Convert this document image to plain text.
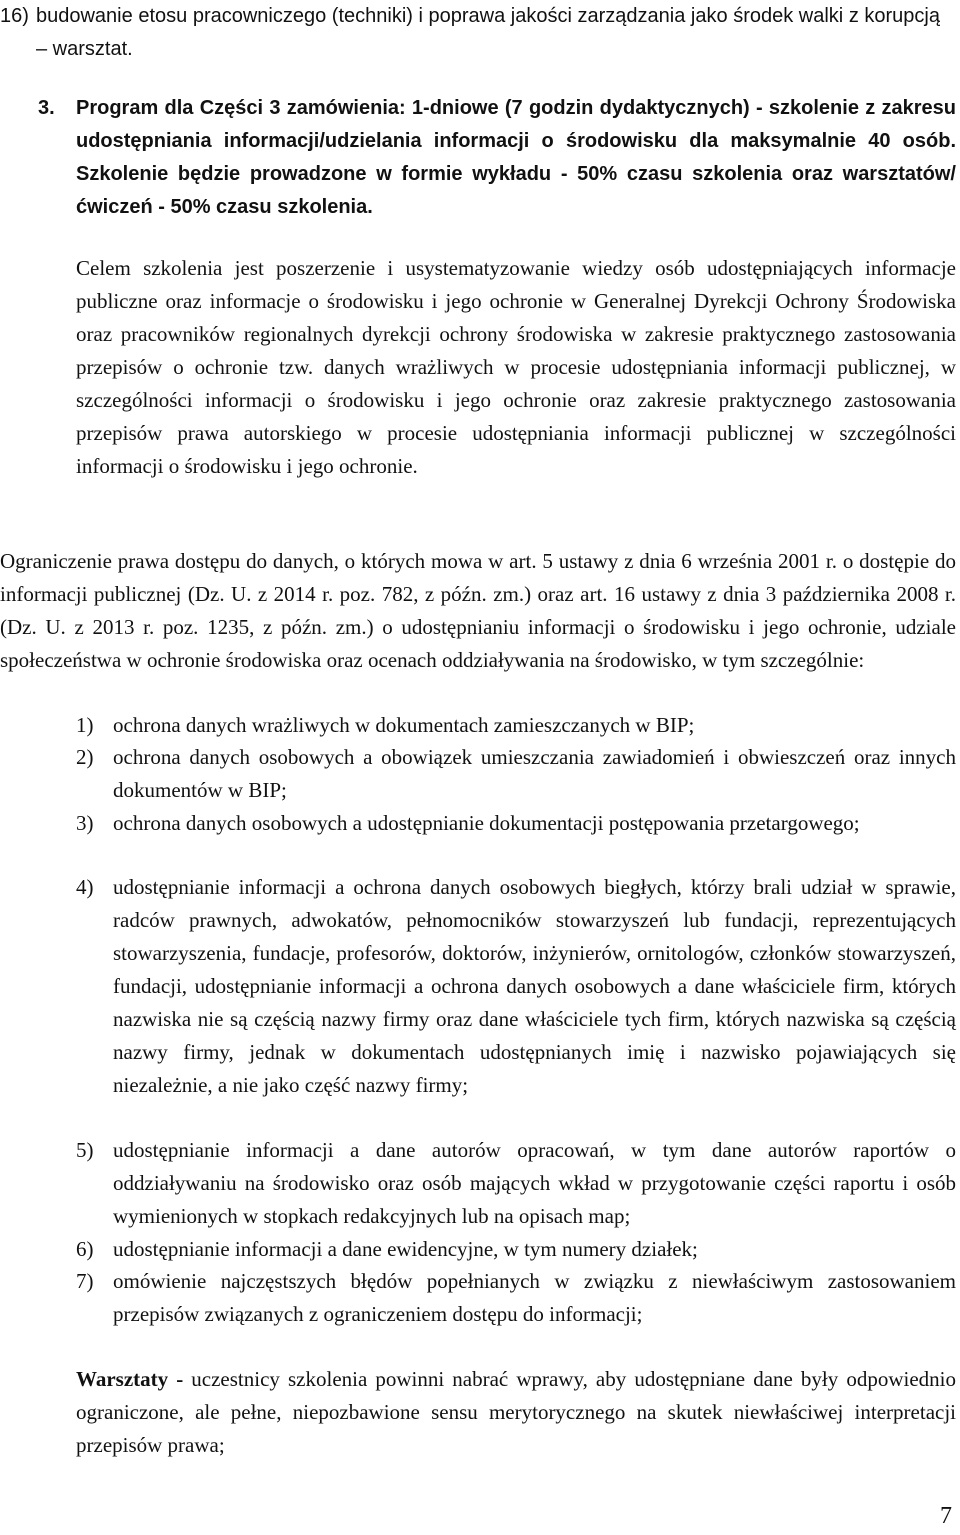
16) budowanie etosu pracowniczego (techniki) i poprawa jakości zarządzania jako środek walki z korupcją – warsztat.
3. Program dla Części 3 zamówienia: 1-dniowe (7 godzin dydaktycznych) - szkolenie z zakresu udostępniania informacji/udzielania informacji o środowisku dla maksymalnie 40 osób. Szkolenie będzie prowadzone w formie wykładu - 50% czasu szkolenia oraz warsztatów/ćwiczeń - 50% czasu szkolenia.
Celem szkolenia jest poszerzenie i usystematyzowanie wiedzy osób udostępniających informacje publiczne oraz informacje o środowisku i jego ochronie w Generalnej Dyrekcji Ochrony Środowiska oraz pracowników regionalnych dyrekcji ochrony środowiska w zakresie praktycznego zastosowania przepisów o ochronie tzw. danych wrażliwych w procesie udostępniania informacji publicznej, w szczególności informacji o środowisku i jego ochronie oraz zakresie praktycznego zastosowania przepisów prawa autorskiego w procesie udostępniania informacji publicznej w szczególności informacji o środowisku i jego ochronie.
Ograniczenie prawa dostępu do danych, o których mowa w art. 5 ustawy z dnia 6 września 2001 r. o dostępie do informacji publicznej (Dz. U. z 2014 r. poz. 782, z późn. zm.) oraz art. 16 ustawy z dnia 3 października 2008 r. (Dz. U. z 2013 r. poz. 1235, z późn. zm.) o udostępnianiu informacji o środowisku i jego ochronie, udziale społeczeństwa w ochronie środowiska oraz ocenach oddziaływania na środowisko, w tym szczególnie:
1) ochrona danych wrażliwych w dokumentach zamieszczanych w BIP;
2) ochrona danych osobowych a obowiązek umieszczania zawiadomień i obwieszczeń oraz innych dokumentów w BIP;
3) ochrona danych osobowych a udostępnianie dokumentacji postępowania przetargowego;
4) udostępnianie informacji a ochrona danych osobowych biegłych, którzy brali udział w sprawie, radców prawnych, adwokatów, pełnomocników stowarzyszeń lub fundacji, reprezentujących stowarzyszenia, fundacje, profesorów, doktorów, inżynierów, ornitologów, członków stowarzyszeń, fundacji, udostępnianie informacji a ochrona danych osobowych a dane właściciele firm, których nazwiska nie są częścią nazwy firmy oraz dane właściciele tych firm, których nazwiska są częścią nazwy firmy, jednak w dokumentach udostępnianych imię i nazwisko pojawiających się niezależnie, a nie jako część nazwy firmy;
5) udostępnianie informacji a dane autorów opracowań, w tym dane autorów raportów o oddziaływaniu na środowisko oraz osób mających wkład w przygotowanie części raportu i osób wymienionych w stopkach redakcyjnych lub na opisach map;
6) udostępnianie informacji a dane ewidencyjne, w tym numery działek;
7) omówienie najczęstszych błędów popełnianych w związku z niewłaściwym zastosowaniem przepisów związanych z ograniczeniem dostępu do informacji;
Warsztaty - uczestnicy szkolenia powinni nabrać wprawy, aby udostępniane dane były odpowiednio ograniczone, ale pełne, niepozbawione sensu merytorycznego na skutek niewłaściwej interpretacji przepisów prawa;
7
